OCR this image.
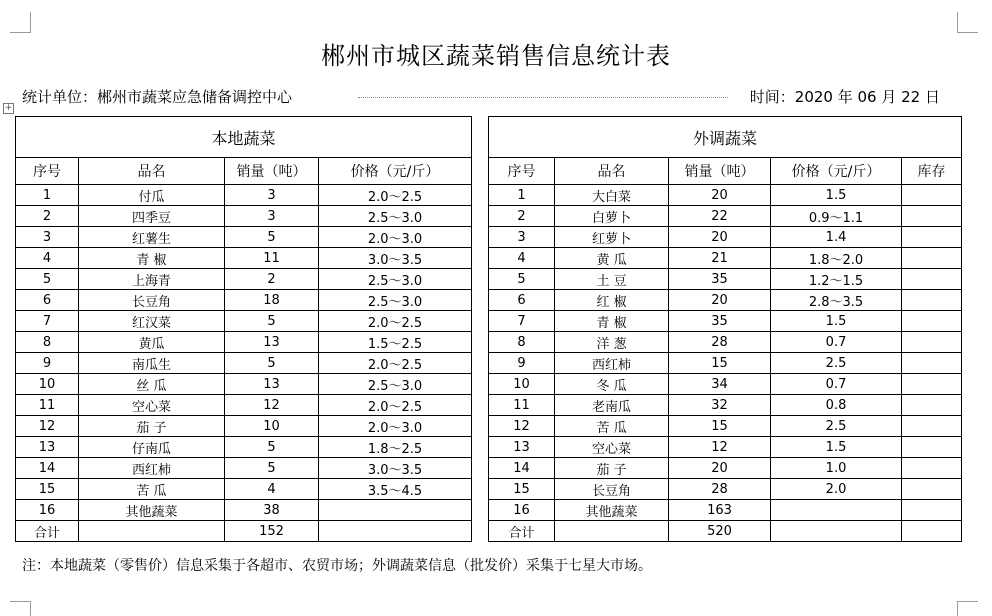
郴州市城区蔬菜销售信息统计表
统计单位：郴州市蔬菜应急储备调控中心	时间：2020 年 06 月 22 日
+
本地蔬菜					外调蔬菜				
序号	品名	销量（吨）	价格（元/斤）		序号	品名	销量（吨）	价格（元/斤）	库存
1	付瓜	3	2.0～2.5		1	大白菜	20	1.5	
2	四季豆	3	2.5～3.0		2	白萝卜	22	0.9～1.1	
3	红薯生	5	2.0～3.0		3	红萝卜	20	1.4	
4	青 椒	11	3.0～3.5		4	黄 瓜	21	1.8～2.0	
5	上海青	2	2.5～3.0		5	土 豆	35	1.2～1.5	
6	长豆角	18	2.5～3.0		6	红 椒	20	2.8～3.5	
7	红汉菜	5	2.0～2.5		7	青 椒	35	1.5	
8	黄瓜	13	1.5～2.5		8	洋 葱	28	0.7	
9	南瓜生	5	2.0～2.5		9	西红柿	15	2.5	
10	丝 瓜	13	2.5～3.0		10	冬 瓜	34	0.7	
11	空心菜	12	2.0～2.5		11	老南瓜	32	0.8	
12	茄 子	10	2.0～3.0		12	苦 瓜	15	2.5	
13	仔南瓜	5	1.8～2.5		13	空心菜	12	1.5	
14	西红柿	5	3.0～3.5		14	茄 子	20	1.0	
15	苦 瓜	4	3.5～4.5		15	长豆角	28	2.0	
16	其他蔬菜	38			16	其他蔬菜	163		
合计		152			合计		520		
注：本地蔬菜（零售价）信息采集于各超市、农贸市场；外调蔬菜信息（批发价）采集于七星大市场。
